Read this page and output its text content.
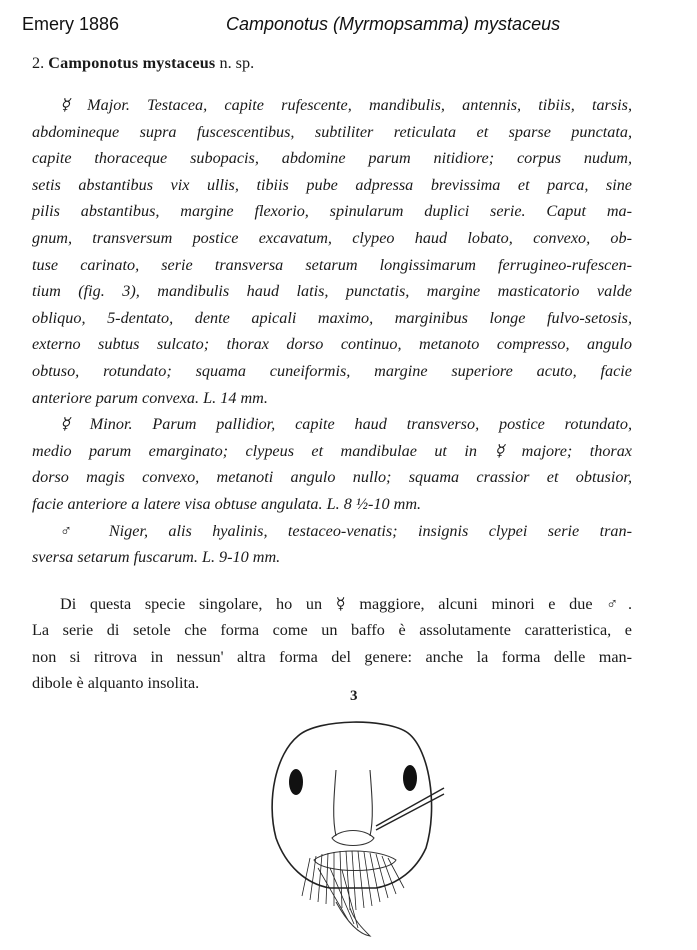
Emery 1886	Camponotus (Myrmopsamma) mystaceus
2. Camponotus mystaceus n. sp.
☿ Major. Testacea, capite rufescente, mandibulis, antennis, tibiis, tarsis,
abdomineque supra fuscescentibus, subtiliter reticulata et sparse punctata,
capite thoraceque subopacis, abdomine parum nitidiore; corpus nudum,
setis abstantibus vix ullis, tibiis pube adpressa brevissima et parca, sine
pilis abstantibus, margine flexorio, spinularum duplici serie. Caput ma-
gnum, transversum postice excavatum, clypeo haud lobato, convexo, ob-
tuse carinato, serie transversa setarum longissimarum ferrugineo-rufescen-
tium (fig. 3), mandibulis haud latis, punctatis, margine masticatorio valde
obliquo, 5-dentato, dente apicali maximo, marginibus longe fulvo-setosis,
externo subtus sulcato; thorax dorso continuo, metanoto compresso, angulo
obtuso, rotundato; squama cuneiformis, margine superiore acuto, facie
anteriore parum convexa. L. 14 mm.
☿ Minor. Parum pallidior, capite haud transverso, postice rotundato,
medio parum emarginato; clypeus et mandibulae ut in ☿ majore; thorax
dorso magis convexo, metanoti angulo nullo; squama crassior et obtusior,
facie anteriore a latere visa obtuse angulata. L. 8 ½-10 mm.
♂ Niger, alis hyalinis, testaceo-venatis; insignis clypei serie tran-
sversa setarum fuscarum. L. 9-10 mm.
Di questa specie singolare, ho un ☿ maggiore, alcuni minori e due ♂.
La serie di setole che forma come un baffo è assolutamente caratteristica, e
non si ritrova in nessun' altra forma del genere: anche la forma delle man-
dibole è alquanto insolita.
3
